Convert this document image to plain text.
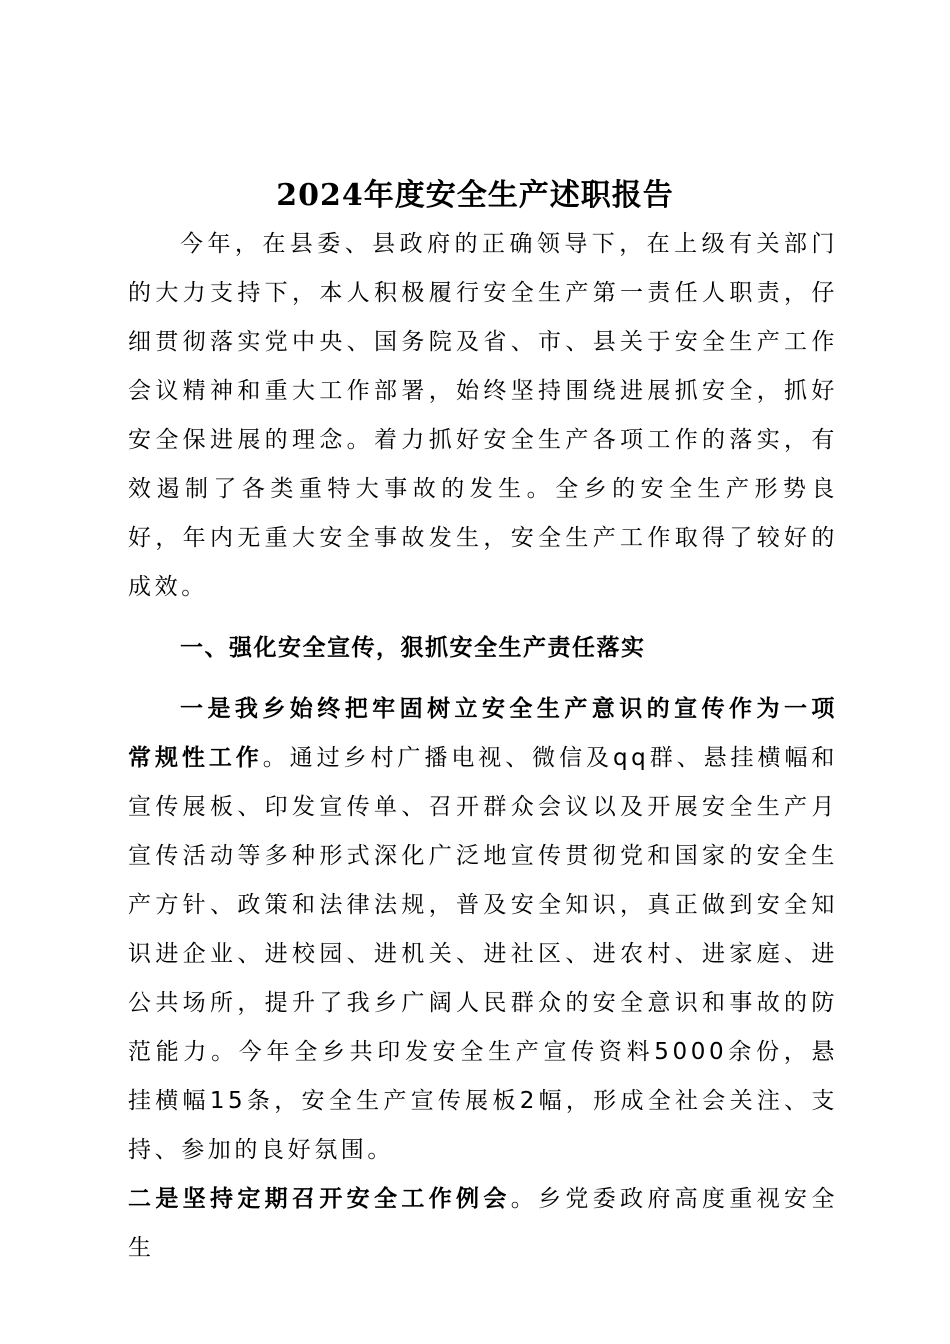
2024年度安全生产述职报告

今年，在县委、县政府的正确领导下，在上级有关部门的大力支持下，本人积极履行安全生产第一责任人职责，仔细贯彻落实党中央、国务院及省、市、县关于安全生产工作会议精神和重大工作部署，始终坚持围绕进展抓安全，抓好安全保进展的理念。着力抓好安全生产各项工作的落实，有效遏制了各类重特大事故的发生。全乡的安全生产形势良好，年内无重大安全事故发生，安全生产工作取得了较好的成效。

一、强化安全宣传，狠抓安全生产责任落实

一是我乡始终把牢固树立安全生产意识的宣传作为一项常规性工作。通过乡村广播电视、微信及qq群、悬挂横幅和宣传展板、印发宣传单、召开群众会议以及开展安全生产月宣传活动等多种形式深化广泛地宣传贯彻党和国家的安全生产方针、政策和法律法规，普及安全知识，真正做到安全知识进企业、进校园、进机关、进社区、进农村、进家庭、进公共场所，提升了我乡广阔人民群众的安全意识和事故的防范能力。今年全乡共印发安全生产宣传资料5000余份，悬挂横幅15条，安全生产宣传展板2幅，形成全社会关注、支持、参加的良好氛围。

二是坚持定期召开安全工作例会。乡党委政府高度重视安全生
